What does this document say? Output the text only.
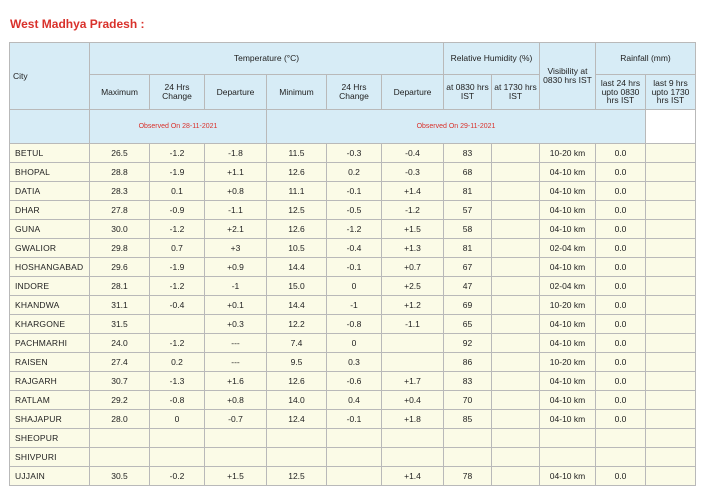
West Madhya Pradesh :
City	Temperature (°C)						Relative Humidity (%)		Visibility at 0830 hrs IST	Rainfall (mm)	
	Maximum	24 Hrs Change	Departure	Minimum	24 Hrs Change	Departure	at 0830 hrs IST	at 1730 hrs IST		last 24 hrs upto 0830 hrs IST	last 9 hrs upto 1730 hrs IST
	Observed On 28-11-2021			Observed On 29-11-2021							
BETUL	26.5	-1.2	-1.8	11.5	-0.3	-0.4	83		10-20 km	0.0	
BHOPAL	28.8	-1.9	+1.1	12.6	0.2	-0.3	68		04-10 km	0.0	
DATIA	28.3	0.1	+0.8	11.1	-0.1	+1.4	81		04-10 km	0.0	
DHAR	27.8	-0.9	-1.1	12.5	-0.5	-1.2	57		04-10 km	0.0	
GUNA	30.0	-1.2	+2.1	12.6	-1.2	+1.5	58		04-10 km	0.0	
GWALIOR	29.8	0.7	+3	10.5	-0.4	+1.3	81		02-04 km	0.0	
HOSHANGABAD	29.6	-1.9	+0.9	14.4	-0.1	+0.7	67		04-10 km	0.0	
INDORE	28.1	-1.2	-1	15.0	0	+2.5	47		02-04 km	0.0	
KHANDWA	31.1	-0.4	+0.1	14.4	-1	+1.2	69		10-20 km	0.0	
KHARGONE	31.5		+0.3	12.2	-0.8	-1.1	65		04-10 km	0.0	
PACHMARHI	24.0	-1.2	---	7.4	0		92		04-10 km	0.0	
RAISEN	27.4	0.2	---	9.5	0.3		86		10-20 km	0.0	
RAJGARH	30.7	-1.3	+1.6	12.6	-0.6	+1.7	83		04-10 km	0.0	
RATLAM	29.2	-0.8	+0.8	14.0	0.4	+0.4	70		04-10 km	0.0	
SHAJAPUR	28.0	0	-0.7	12.4	-0.1	+1.8	85		04-10 km	0.0	
SHEOPUR											
SHIVPURI											
UJJAIN	30.5	-0.2	+1.5	12.5		+1.4	78		04-10 km	0.0	
